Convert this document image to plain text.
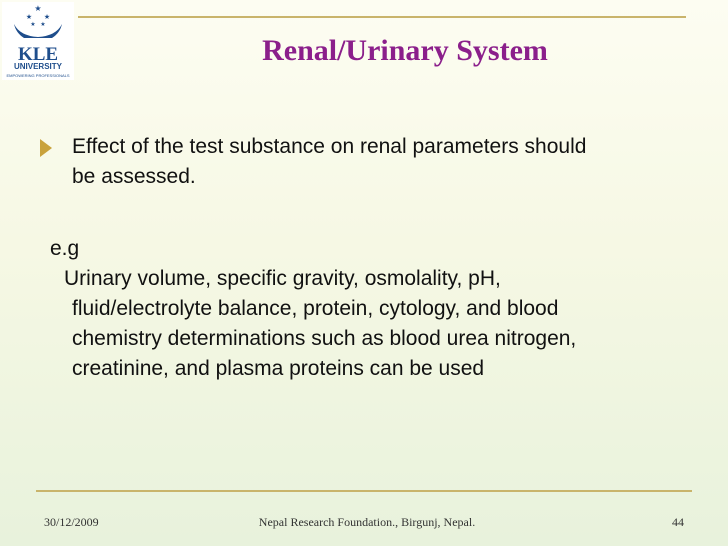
★
★ ★
★ ★
KLE
UNIVERSITY
EMPOWERING PROFESSIONALS
Renal/Urinary System
Effect of the test substance on renal parameters should
be assessed.
e.g
Urinary volume, specific gravity, osmolality, pH,
fluid/electrolyte balance, protein, cytology, and blood
chemistry determinations such as blood urea nitrogen,
creatinine, and plasma proteins can be used
30/12/2009	Nepal Research Foundation., Birgunj, Nepal.	44
